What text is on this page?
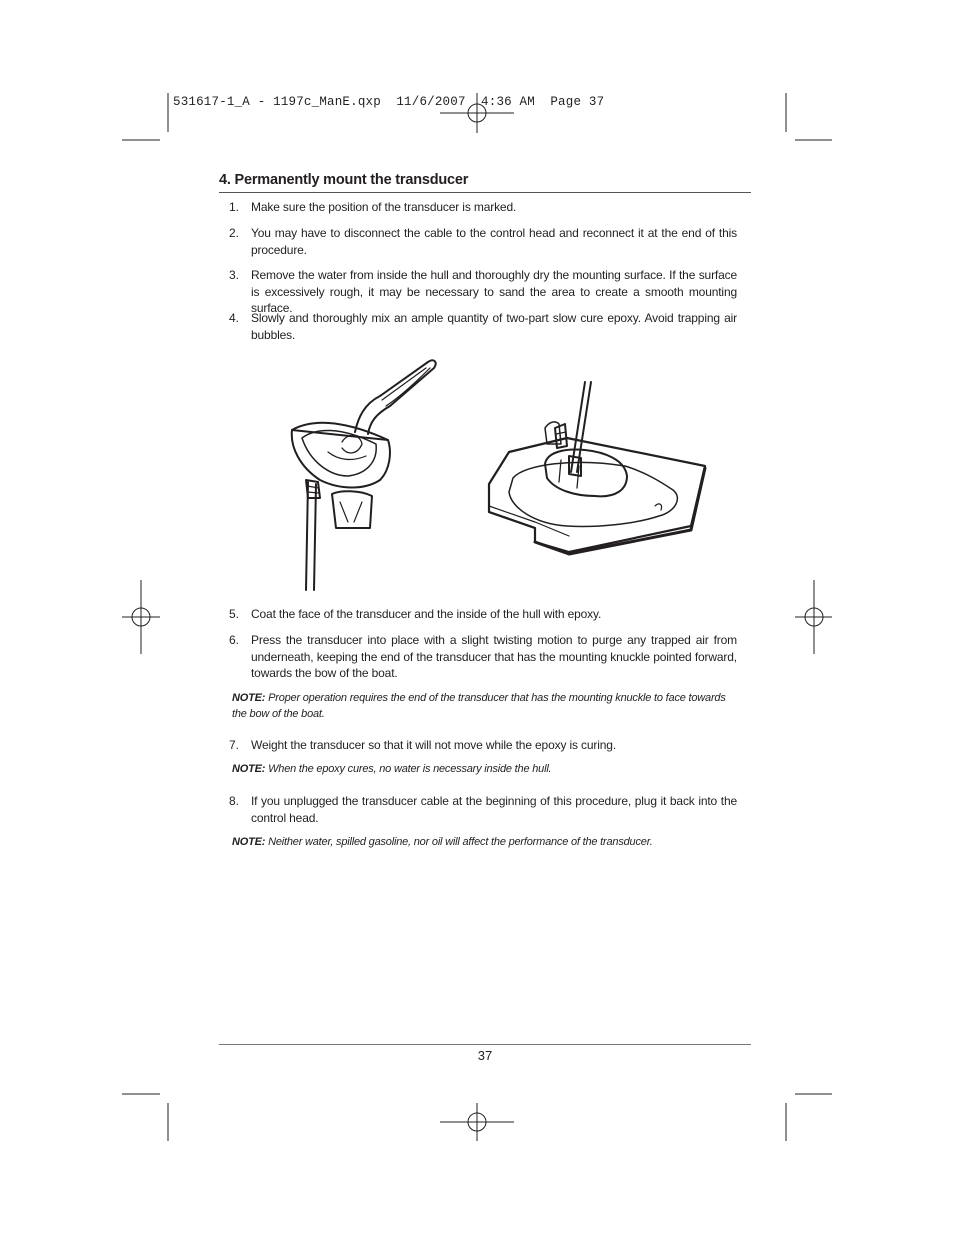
531617-1_A - 1197c_ManE.qxp  11/6/2007  4:36 AM  Page 37
4. Permanently mount the transducer
1. Make sure the position of the transducer is marked.
2. You may have to disconnect the cable to the control head and reconnect it at the end of this procedure.
3. Remove the water from inside the hull and thoroughly dry the mounting surface. If the surface is excessively rough, it may be necessary to sand the area to create a smooth mounting surface.
4. Slowly and thoroughly mix an ample quantity of two-part slow cure epoxy. Avoid trapping air bubbles.
5. Coat the face of the transducer and the inside of the hull with epoxy.
6. Press the transducer into place with a slight twisting motion to purge any trapped air from underneath, keeping the end of the transducer that has the mounting knuckle pointed forward, towards the bow of the boat.
NOTE: Proper operation requires the end of the transducer that has the mounting knuckle to face towards the bow of the boat.
7. Weight the transducer so that it will not move while the epoxy is curing.
NOTE: When the epoxy cures, no water is necessary inside the hull.
8. If you unplugged the transducer cable at the beginning of this procedure, plug it back into the control head.
NOTE: Neither water, spilled gasoline, nor oil will affect the performance of the transducer.
37
